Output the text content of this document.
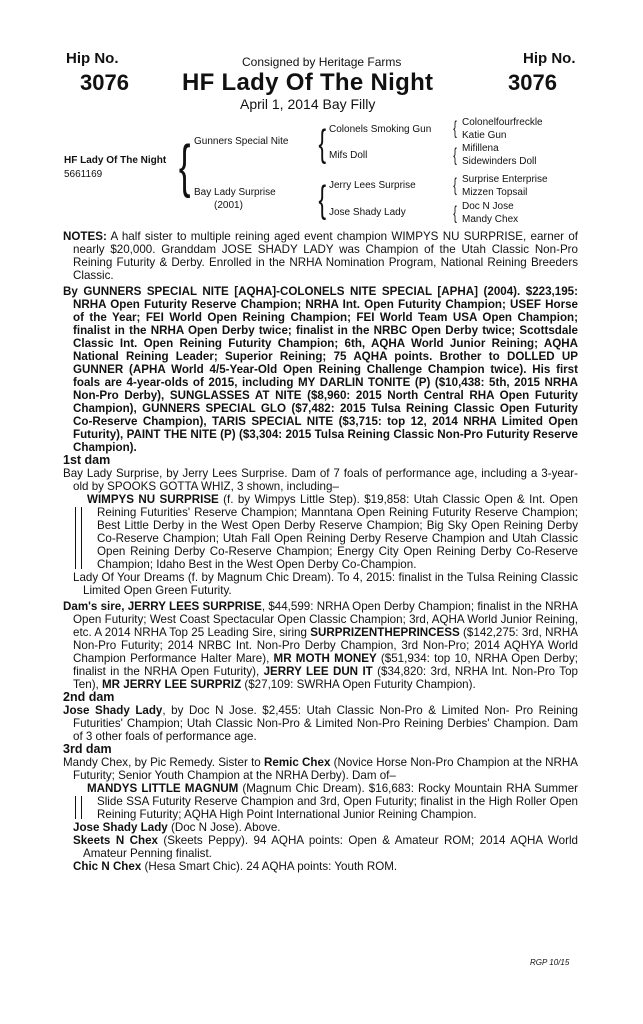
Hip No.
3076
Hip No.
3076
Consigned by Heritage Farms
HF Lady Of The Night
April 1, 2014 Bay Filly
HF Lady Of The Night
5661169 { Gunners Special Nite
Bay Lady Surprise
(2001)
{ Colonels Smoking Gun
Mifs Doll
{ Jerry Lees Surprise
Jose Shady Lady
{ Colonelfourfreckle
Katie Gun
{ Mifillena
Sidewinders Doll
{ Surprise Enterprise
Mizzen Topsail
{ Doc N Jose
Mandy Chex

NOTES: A half sister to multiple reining aged event champion WIMPYS NU SURPRISE, earner of nearly $20,000. Granddam JOSE SHADY LADY was Champion of the Utah Classic Non-Pro Reining Futurity & Derby. Enrolled in the NRHA Nomination Program, National Reining Breeders Classic.

By GUNNERS SPECIAL NITE [AQHA]-COLONELS NITE SPECIAL [APHA] (2004). $223,195: NRHA Open Futurity Reserve Champion; NRHA Int. Open Futurity Champion; USEF Horse of the Year; FEI World Open Reining Champion; FEI World Team USA Open Champion; finalist in the NRHA Open Derby twice; finalist in the NRBC Open Derby twice; Scottsdale Classic Int. Open Reining Futurity Champion; 6th, AQHA World Junior Reining; AQHA National Reining Leader; Superior Reining; 75 AQHA points. Brother to DOLLED UP GUNNER (APHA World 4/5-Year-Old Open Reining Challenge Champion twice). His first foals are 4-year-olds of 2015, including MY DARLIN TONITE (P) ($10,438: 5th, 2015 NRHA Non-Pro Derby), SUNGLASSES AT NITE ($8,960: 2015 North Central RHA Open Futurity Champion), GUNNERS SPECIAL GLO ($7,482: 2015 Tulsa Reining Classic Open Futurity Co-Reserve Champion), TARIS SPECIAL NITE ($3,715: top 12, 2014 NRHA Limited Open Futurity), PAINT THE NITE (P) ($3,304: 2015 Tulsa Reining Classic Non-Pro Futurity Reserve Champion).

1st dam

Bay Lady Surprise, by Jerry Lees Surprise. Dam of 7 foals of performance age, including a 3-year-old by SPOOKS GOTTA WHIZ, 3 shown, including–

WIMPYS NU SURPRISE (f. by Wimpys Little Step). $19,858: Utah Classic Open & Int. Open Reining Futurities' Reserve Champion; Manntana Open Reining Futurity Reserve Champion; Best Little Derby in the West Open Derby Reserve Champion; Big Sky Open Reining Derby Co-Reserve Champion; Utah Fall Open Reining Derby Reserve Champion and Utah Classic Open Reining Derby Co-Reserve Champion; Energy City Open Reining Derby Co-Reserve Champion; Idaho Best in the West Open Derby Co-Champion.

Lady Of Your Dreams (f. by Magnum Chic Dream). To 4, 2015: finalist in the Tulsa Reining Classic Limited Open Green Futurity.

Dam's sire, JERRY LEES SURPRISE, $44,599: NRHA Open Derby Champion; finalist in the NRHA Open Futurity; West Coast Spectacular Open Classic Champion; 3rd, AQHA World Junior Reining, etc. A 2014 NRHA Top 25 Leading Sire, siring SURPRIZENTHEPRINCESS ($142,275: 3rd, NRHA Non-Pro Futurity; 2014 NRBC Int. Non-Pro Derby Champion, 3rd Non-Pro; 2014 AQHYA World Champion Performance Halter Mare), MR MOTH MONEY ($51,934: top 10, NRHA Open Derby; finalist in the NRHA Open Futurity), JERRY LEE DUN IT ($34,820: 3rd, NRHA Int. Non-Pro Top Ten), MR JERRY LEE SURPRIZ ($27,109: SWRHA Open Futurity Champion).

2nd dam

Jose Shady Lady, by Doc N Jose. $2,455: Utah Classic Non-Pro & Limited Non- Pro Reining Futurities' Champion; Utah Classic Non-Pro & Limited Non-Pro Reining Derbies' Champion. Dam of 3 other foals of performance age.

3rd dam

Mandy Chex, by Pic Remedy. Sister to Remic Chex (Novice Horse Non-Pro Champion at the NRHA Futurity; Senior Youth Champion at the NRHA Derby). Dam of–

MANDYS LITTLE MAGNUM (Magnum Chic Dream). $16,683: Rocky Mountain RHA Summer Slide SSA Futurity Reserve Champion and 3rd, Open Futurity; finalist in the High Roller Open Reining Futurity; AQHA High Point International Junior Reining Champion.

Jose Shady Lady (Doc N Jose). Above.

Skeets N Chex (Skeets Peppy). 94 AQHA points: Open & Amateur ROM; 2014 AQHA World Amateur Penning finalist.

Chic N Chex (Hesa Smart Chic). 24 AQHA points: Youth ROM.

RGP 10/15
